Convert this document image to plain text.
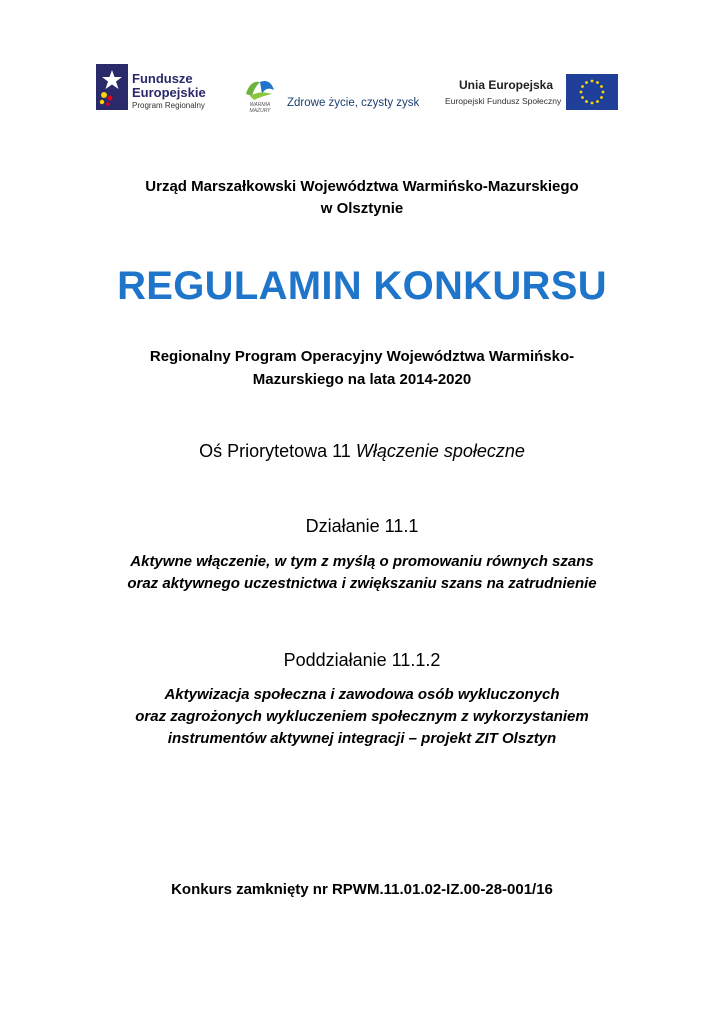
Fundusze
Europejskie
Program Regionalny	WARMIA
MAZURY
Zdrowe życie, czysty zysk
Unia Europejska
Europejski Fundusz Społeczny
Urząd Marszałkowski Województwa Warmińsko-Mazurskiego
w Olsztynie
REGULAMIN KONKURSU
Regionalny Program Operacyjny Województwa Warmińsko-
Mazurskiego na lata 2014-2020
Oś Priorytetowa 11 Włączenie społeczne
Działanie 11.1
Aktywne włączenie, w tym z myślą o promowaniu równych szans
oraz aktywnego uczestnictwa i zwiększaniu szans na zatrudnienie
Poddziałanie 11.1.2
Aktywizacja społeczna i zawodowa osób wykluczonych
oraz zagrożonych wykluczeniem społecznym z wykorzystaniem
instrumentów aktywnej integracji – projekt ZIT Olsztyn
Konkurs zamknięty nr RPWM.11.01.02-IZ.00-28-001/16
